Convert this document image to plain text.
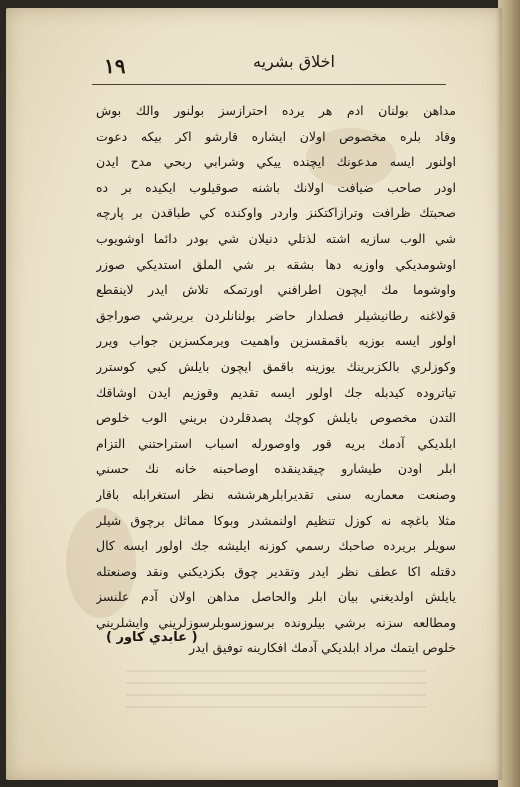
١٩	اخلاق بشريه
مداهن بولنان ادم هر يرده احترازسز بولنور والك بوش
وقاد بلره مخصوص اولان ايشاره قارشو اكر بيكه دعوت
اولنور ايسه مدعونك ايچنده ييكي وشرابي ربحي مدح ايدن
اودر صاحب ضيافت اولانك باشنه صوقيلوب ايكيده بر ده
صحبتك ظرافت وترازاكتكنز واردر واوكنده كي طباقدن بر پارچه
شي الوب سازيه اشته لذتلي دنيلان شي بودر دائما اوشويوب
اوشومديكي واوزيه دها بشقه بر شي الملق استديكي صوزر
واوشوما مك ايچون اطرافني اورتمكه تلاش ايدر لاينقطع
قولاغنه رطانيشيلر فصلدار حاضر بولنانلردن بريرشي صوراجق
اولور ايسه بوزيه باقمقسزين واهميت ويرمكسزين جواب ويرر
وكوزلري بالكزبرينك يوزينه باقمق ايچون بايلش كبي كوسترر
تياتروده كيدبله جك اولور ايسه تقديم وقوزيم ايدن اوشاقك
التدن مخصوص بايلش كوچك پصدقلردن بريني الوب خلوص
ابلديكي آدمك بريه قور واوصورله اسباب استراحتني التزام
ابلر اودن طيشارو چيقدينقده اوصاحبنه خانه نك حسني
وصنعت معماريه سنی تقديرابلرهرششه نظر استغرابله باقار
مثلا باغچه نه كوزل تنظيم اولنمشدر وبوكا مماثل برچوق شيلر
سويلر بريرده صاحبك رسمي كوزنه ايليشه جك اولور ايسه كال
دقتله اكا عطف نظر ايدر وتقدير چوق بكزديكني ونقد وصنعتله
يايلش اولديغني بيان ابلر والحاصل مداهن اولان آدم علنسز
ومطالعه سزنه برشي بيلرونده برسوزسوبلرسوزلريني وايشلريني
خلوص ايتمك مراد ابلديكي آدمك افكارينه توفيق ايدر
( عابدي كاور )
